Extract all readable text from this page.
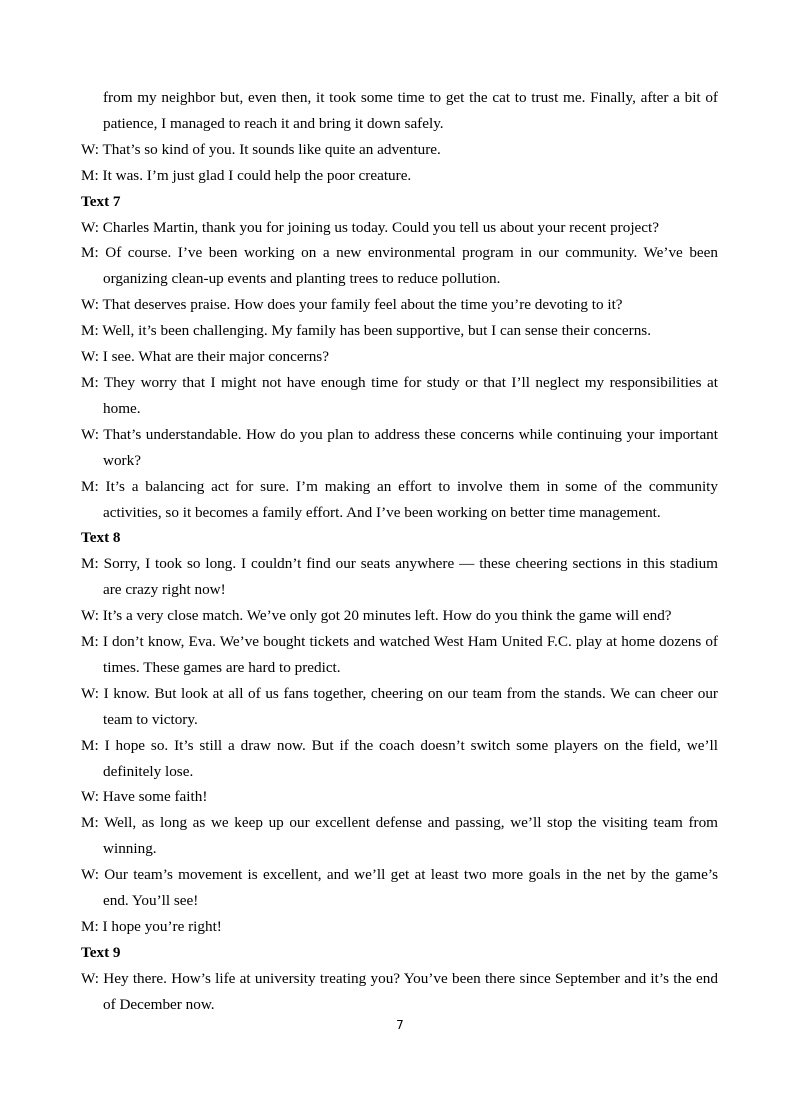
from my neighbor but, even then, it took some time to get the cat to trust me. Finally, after a bit of patience, I managed to reach it and bring it down safely.

W: That’s so kind of you. It sounds like quite an adventure.

M: It was. I’m just glad I could help the poor creature.

Text 7

W: Charles Martin, thank you for joining us today. Could you tell us about your recent project?

M: Of course. I’ve been working on a new environmental program in our community. We’ve been organizing clean-up events and planting trees to reduce pollution.

W: That deserves praise. How does your family feel about the time you’re devoting to it?

M: Well, it’s been challenging. My family has been supportive, but I can sense their concerns.

W: I see. What are their major concerns?

M: They worry that I might not have enough time for study or that I’ll neglect my responsibilities at home.

W: That’s understandable. How do you plan to address these concerns while continuing your important work?

M: It’s a balancing act for sure. I’m making an effort to involve them in some of the community activities, so it becomes a family effort. And I’ve been working on better time management.

Text 8

M: Sorry, I took so long. I couldn’t find our seats anywhere — these cheering sections in this stadium are crazy right now!

W: It’s a very close match. We’ve only got 20 minutes left. How do you think the game will end?

M: I don’t know, Eva. We’ve bought tickets and watched West Ham United F.C. play at home dozens of times. These games are hard to predict.

W: I know. But look at all of us fans together, cheering on our team from the stands. We can cheer our team to victory.

M: I hope so. It’s still a draw now. But if the coach doesn’t switch some players on the field, we’ll definitely lose.

W: Have some faith!

M: Well, as long as we keep up our excellent defense and passing, we’ll stop the visiting team from winning.

W: Our team’s movement is excellent, and we’ll get at least two more goals in the net by the game’s end. You’ll see!

M: I hope you’re right!

Text 9

W: Hey there. How’s life at university treating you? You’ve been there since September and it’s the end of December now.

7
